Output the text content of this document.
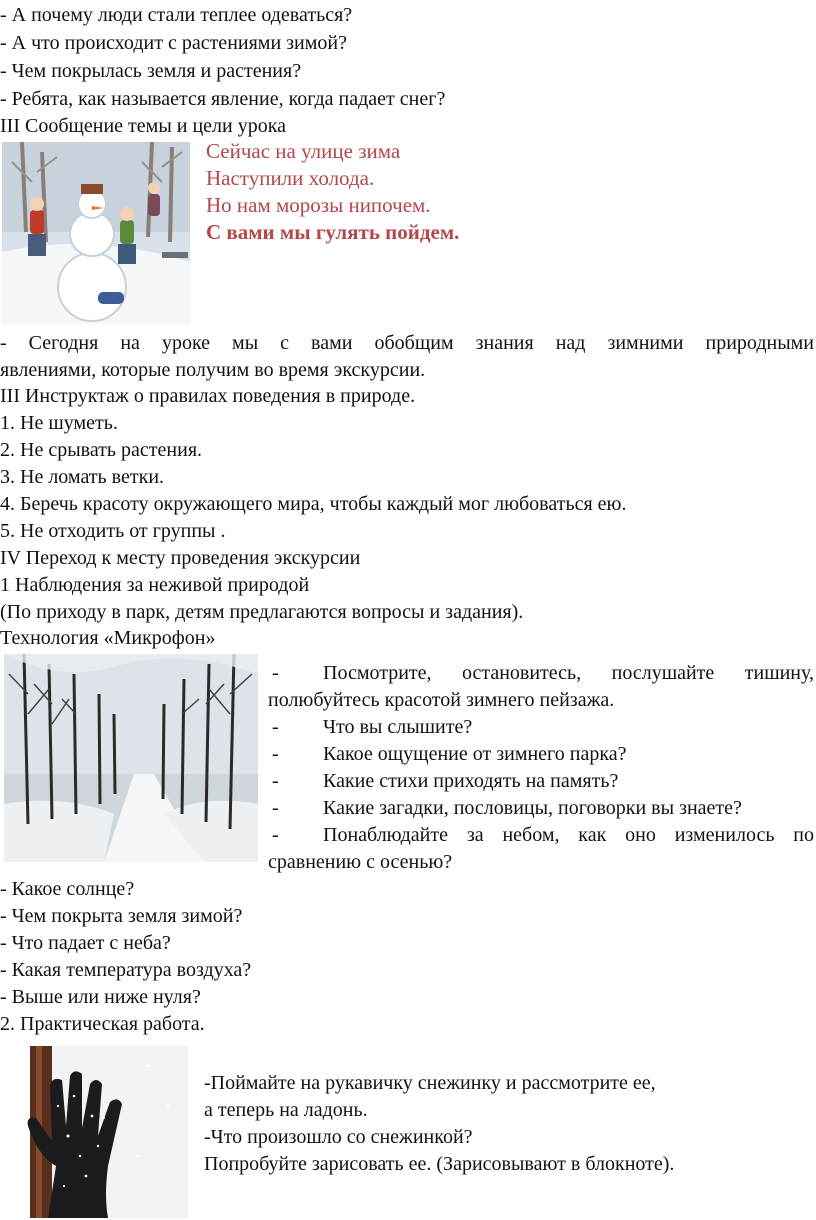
- А почему люди стали теплее одеваться?
- А что происходит с растениями зимой?
- Чем покрылась земля и растения?
- Ребята, как называется явление, когда падает снег?
III Сообщение темы и цели урока
Сейчас на улице зима
Наступили холода.
Но нам морозы нипочем.
С вами мы гулять пойдем.
- Сегодня на уроке мы с вами обобщим знания над зимними природными
явлениями, которые получим во время экскурсии.
III Инструктаж о правилах поведения в природе.
1. Не шуметь.
2. Не срывать растения.
3. Не ломать ветки.
4. Беречь красоту окружающего мира, чтобы каждый мог любоваться ею.
5. Не отходить от группы .
IV Переход к месту проведения экскурсии
1 Наблюдения за неживой природой
(По приходу в парк, детям предлагаются вопросы и задания).
Технология «Микрофон»
- Посмотрите, остановитесь, послушайте тишину,
полюбуйтесь красотой зимнего пейзажа.
- Что вы слышите?
- Какое ощущение от зимнего парка?
- Какие стихи приходять на память?
- Какие загадки, пословицы, поговорки вы знаете?
- Понаблюдайте за небом, как оно изменилось по
сравнению с осенью?
- Какое солнце?
- Чем покрыта земля зимой?
- Что падает с неба?
- Какая температура воздуха?
- Выше или ниже нуля?
2. Практическая работа.
-Поймайте на рукавичку снежинку и рассмотрите ее,
а теперь на ладонь.
-Что произошло со снежинкой?
Попробуйте зарисовать ее. (Зарисовывают в блокноте).
